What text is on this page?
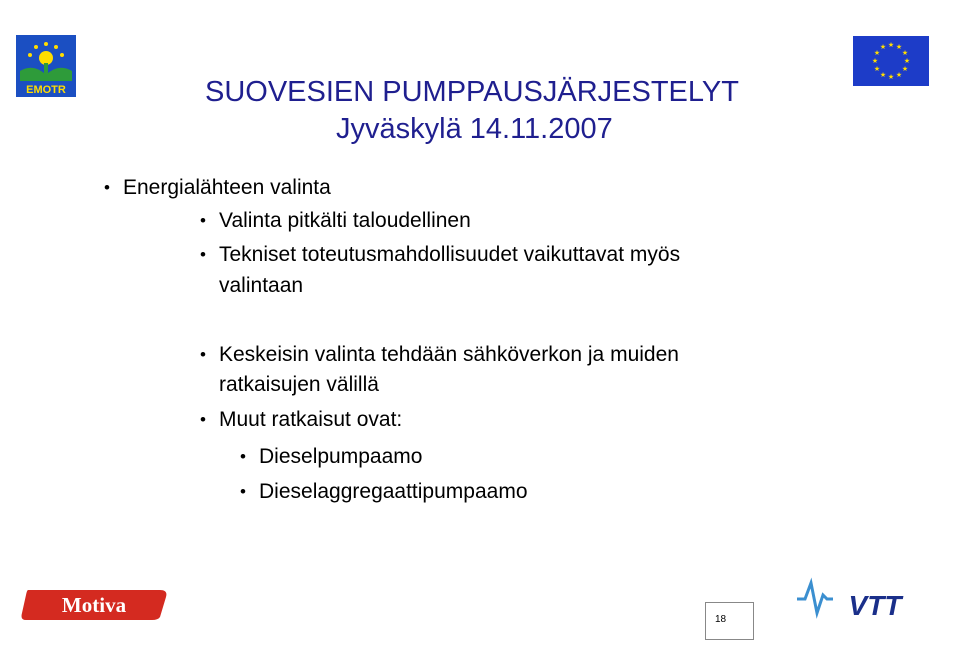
EMOTR
★ ★
★
★
★
★
★
★
★
★
★
★
SUOVESIEN PUMPPAUSJÄRJESTELYT
Jyväskylä 14.11.2007
• Energialähteen valinta
• Valinta pitkälti taloudellinen
• Tekniset toteutusmahdollisuudet vaikuttavat myös
valintaan
• Keskeisin valinta tehdään sähköverkon ja muiden
ratkaisujen välillä
• Muut ratkaisut ovat:
• Dieselpumpaamo
• Dieselaggregaattipumpaamo
Motiva	VTT
18
